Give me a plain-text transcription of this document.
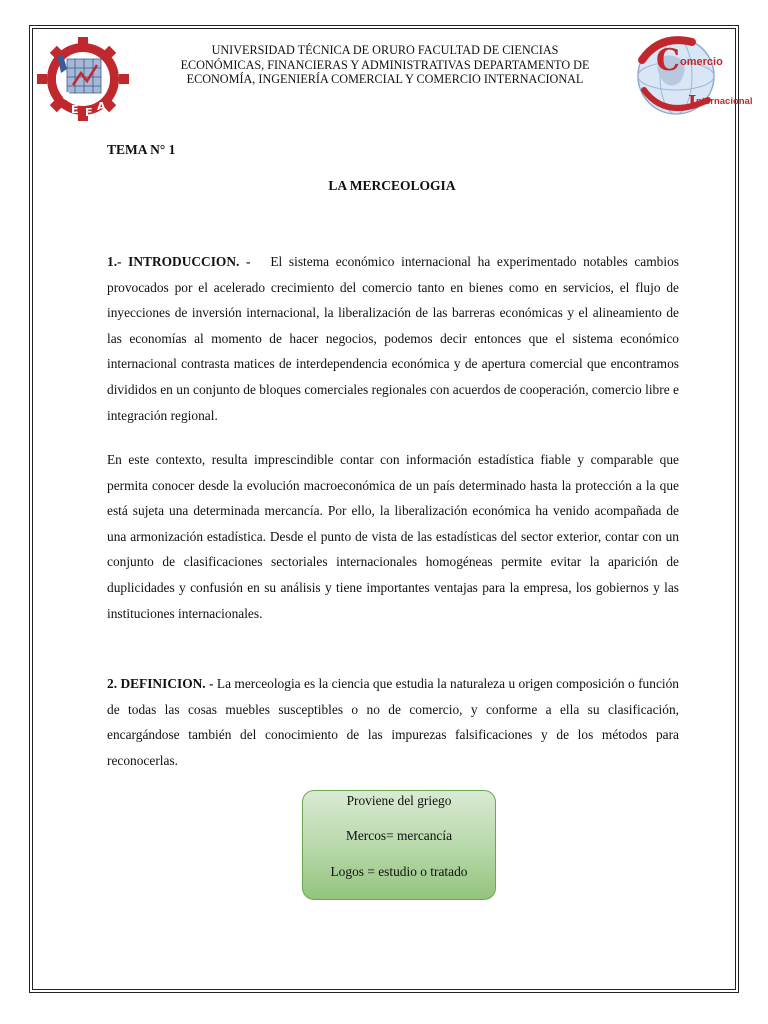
F
C
E F A
C
I
omercio
nternacional
UNIVERSIDAD TÉCNICA DE ORURO FACULTAD DE CIENCIAS
ECONÓMICAS, FINANCIERAS Y ADMINISTRATIVAS DEPARTAMENTO DE
ECONOMÍA, INGENIERÍA COMERCIAL Y COMERCIO INTERNACIONAL
TEMA N° 1
LA MERCEOLOGIA
1.- INTRODUCCION. - El sistema económico internacional ha experimentado notables cambios provocados por el acelerado crecimiento del comercio tanto en bienes como en servicios, el flujo de inyecciones de inversión internacional, la liberalización de las barreras económicas y el alineamiento de las economías al momento de hacer negocios, podemos decir entonces que el sistema económico internacional contrasta matices de interdependencia económica y de apertura comercial que encontramos divididos en un conjunto de bloques comerciales regionales con acuerdos de cooperación, comercio libre e integración regional.
En este contexto, resulta imprescindible contar con información estadística fiable y comparable que permita conocer desde la evolución macroeconómica de un país determinado hasta la protección a la que está sujeta una determinada mercancía. Por ello, la liberalización económica ha venido acompañada de una armonización estadística. Desde el punto de vista de las estadísticas del sector exterior, contar con un conjunto de clasificaciones sectoriales internacionales homogéneas permite evitar la aparición de duplicidades y confusión en su análisis y tiene importantes ventajas para la empresa, los gobiernos y las instituciones internacionales.
2. DEFINICION. - La merceologia es la ciencia que estudia la naturaleza u origen composición o función de todas las cosas muebles susceptibles o no de comercio, y conforme a ella su clasificación, encargándose también del conocimiento de las impurezas falsificaciones y de los métodos para reconocerlas.
Proviene del griego
Mercos= mercancía
Logos = estudio o tratado
